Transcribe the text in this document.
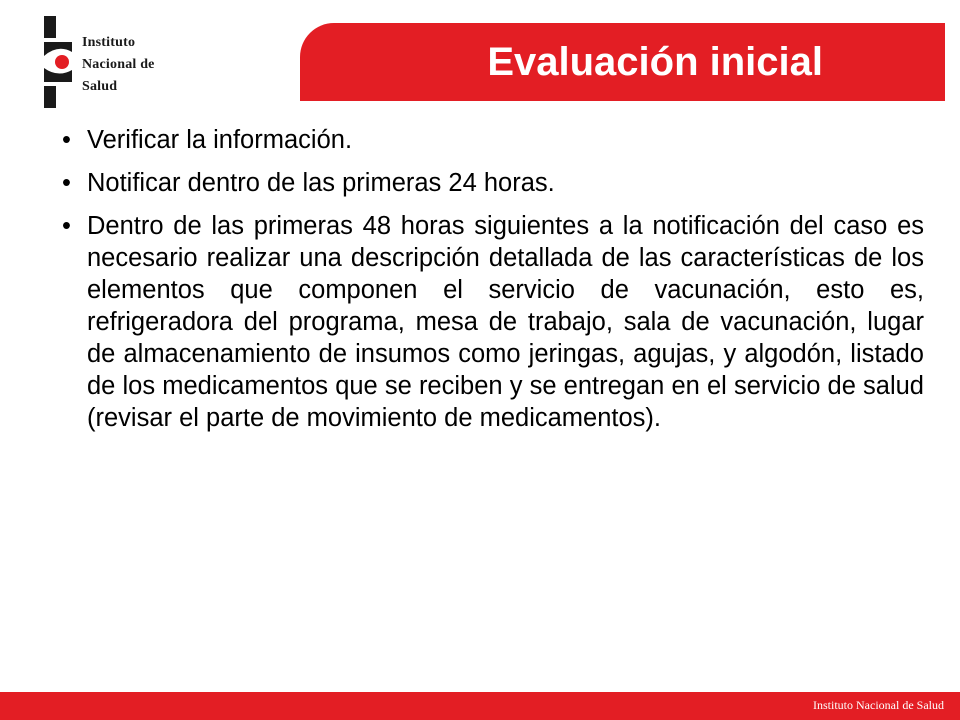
Instituto
Nacional de
Salud
Evaluación inicial
• Verificar la información.
• Notificar dentro de las primeras 24 horas.
• Dentro de las primeras 48 horas siguientes a la notificación del caso es necesario realizar una descripción detallada de las características de los elementos que componen el servicio de vacunación, esto es, refrigeradora del programa, mesa de trabajo, sala de vacunación, lugar de almacenamiento de insumos como jeringas, agujas, y algodón, listado de los medicamentos que se reciben y se entregan en el servicio de salud (revisar el parte de movimiento de medicamentos).
Instituto Nacional de Salud
